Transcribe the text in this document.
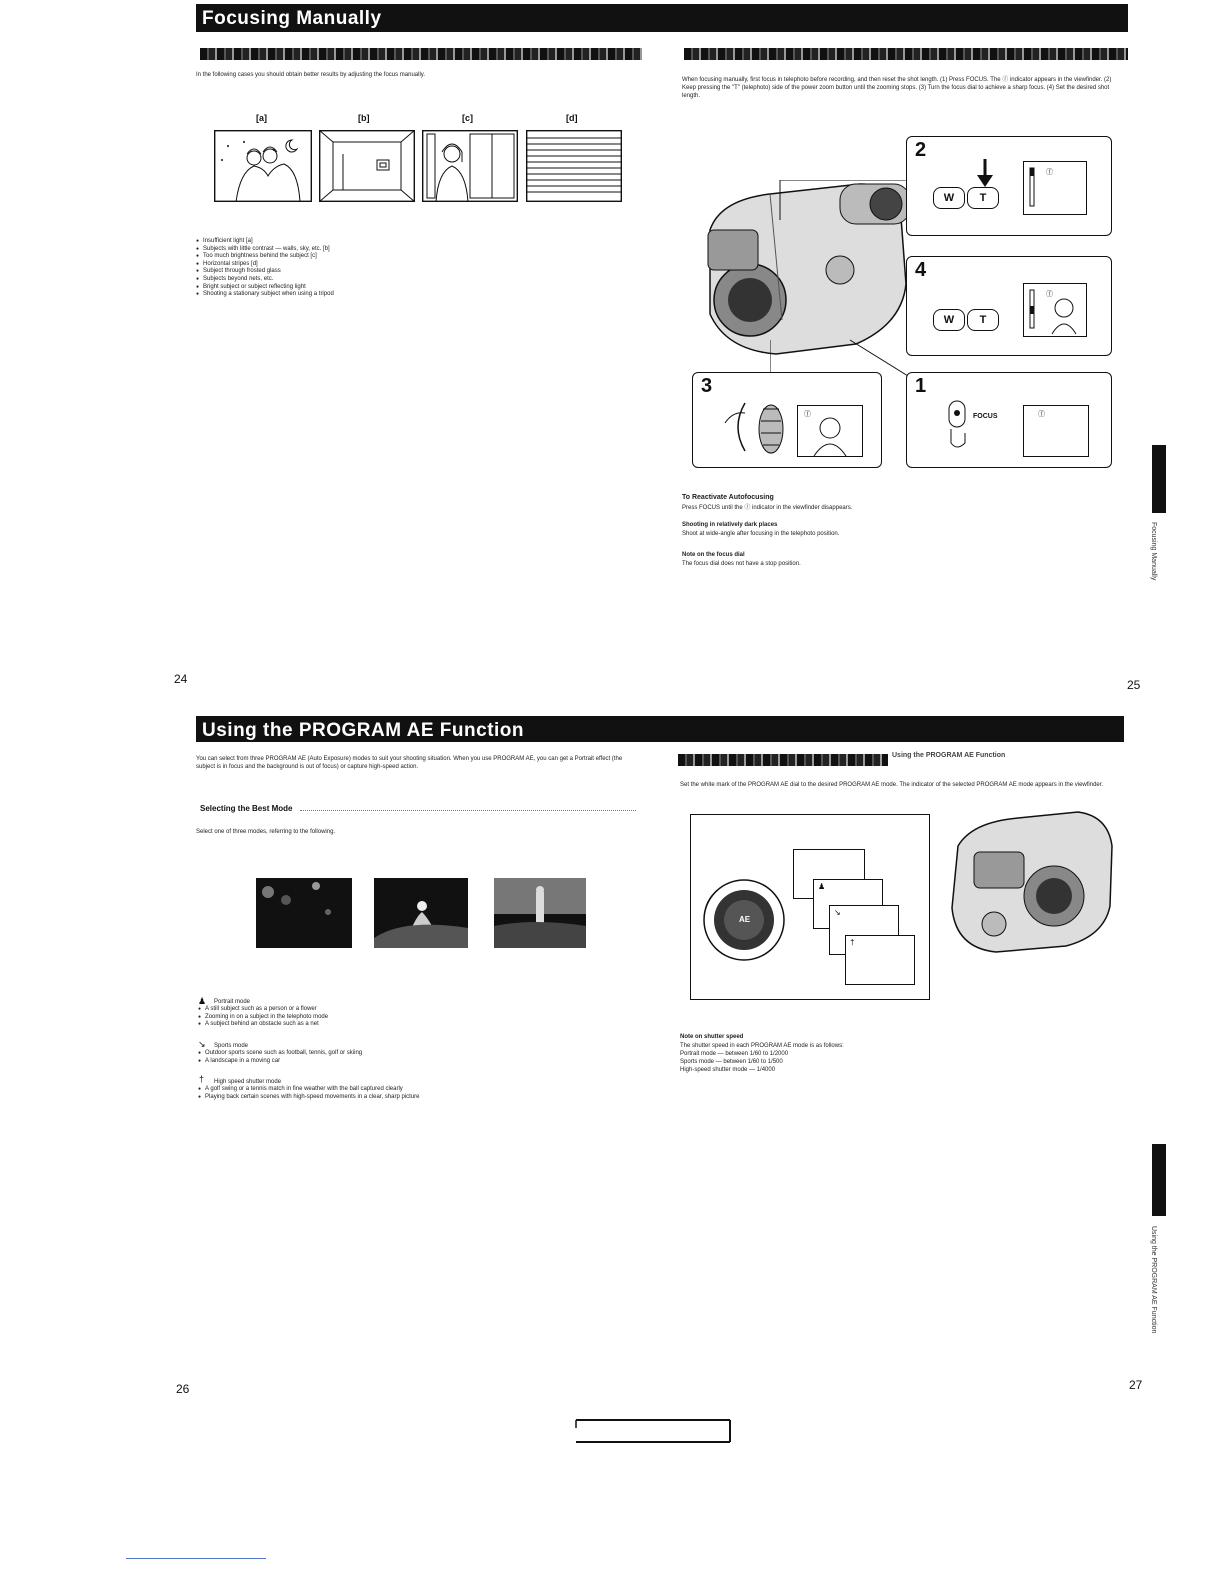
Focusing Manually
In the following cases you should obtain better results by adjusting the focus manually.
[a]	[b]	[c]	[d]
● Insufficient light [a]
● Subjects with little contrast — walls, sky, etc. [b]
● Too much brightness behind the subject [c]
● Horizontal stripes [d]
● Subject through frosted glass
● Subjects beyond nets, etc.
● Bright subject or subject reflecting light
● Shooting a stationary subject when using a tripod
24
When focusing manually, first focus in telephoto before recording, and then reset the shot length. (1) Press FOCUS. The ⓕ indicator appears in the viewfinder. (2) Keep pressing the "T" (telephoto) side of the power zoom button until the zooming stops. (3) Turn the focus dial to achieve a sharp focus. (4) Set the desired shot length.
2
W	T
ⓕ
4
W	T
ⓕ
3
ⓕ
1
FOCUS	ⓕ
To Reactivate Autofocusing
Press FOCUS until the ⓕ indicator in the viewfinder disappears.
Shooting in relatively dark places
Shoot at wide-angle after focusing in the telephoto position.
Note on the focus dial
The focus dial does not have a stop position.	Focusing Manually
25
Using the PROGRAM AE Function
You can select from three PROGRAM AE (Auto Exposure) modes to suit your shooting situation. When you use PROGRAM AE, you can get a Portrait effect (the subject is in focus and the background is out of focus) or capture high-speed action.
Selecting the Best Mode
Select one of three modes, referring to the following.
♟ Portrait mode
● A still subject such as a person or a flower
● Zooming in on a subject in the telephoto mode
● A subject behind an obstacle such as a net
↘ Sports mode
● Outdoor sports scene such as football, tennis, golf or skiing
● A landscape in a moving car
† High speed shutter mode
● A golf swing or a tennis match in fine weather with the ball captured clearly
● Playing back certain scenes with high-speed movements in a clear, sharp picture
26
Using the PROGRAM AE Function
Set the white mark of the PROGRAM AE dial to the desired PROGRAM AE mode. The indicator of the selected PROGRAM AE mode appears in the viewfinder.
AE
♟
↘
†
Note on shutter speed
The shutter speed in each PROGRAM AE mode is as follows:
Portrait mode — between 1/60 to 1/2000
Sports mode — between 1/60 to 1/500
High-speed shutter mode — 1/4000
Using the PROGRAM AE Function
27
